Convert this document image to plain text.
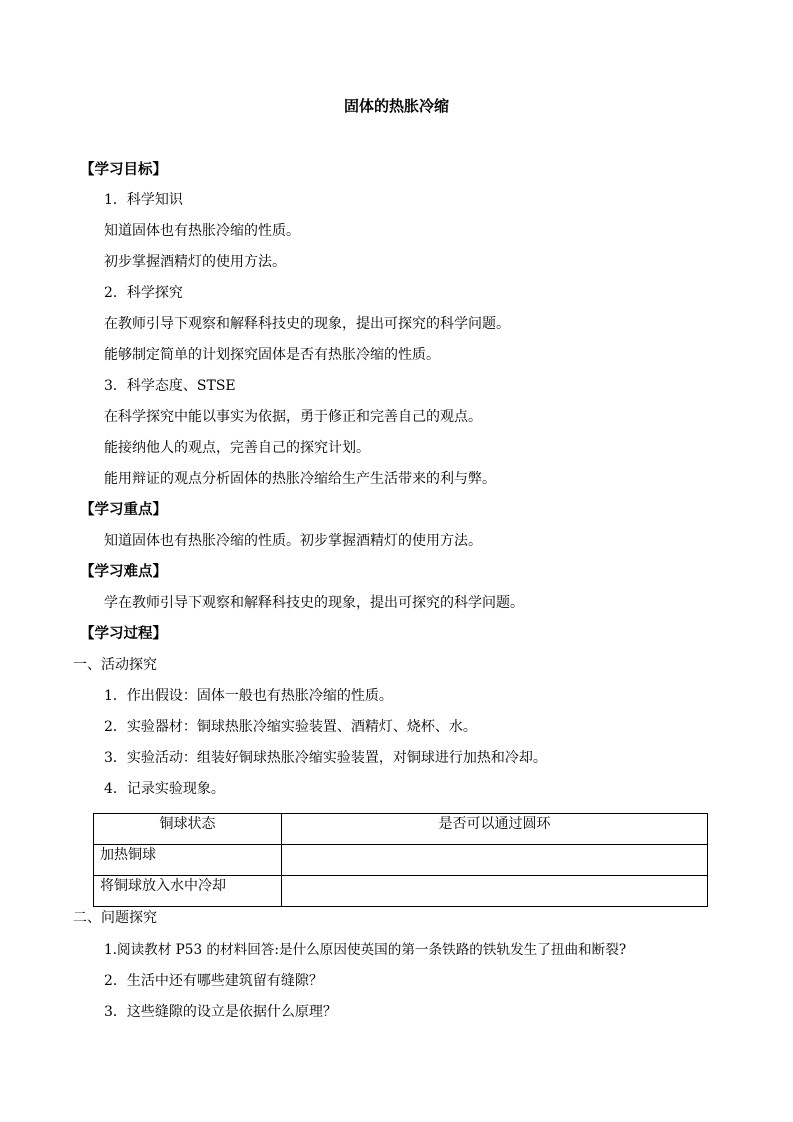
固体的热胀冷缩
【学习目标】
1．科学知识
知道固体也有热胀冷缩的性质。
初步掌握酒精灯的使用方法。
2．科学探究
在教师引导下观察和解释科技史的现象，提出可探究的科学问题。
能够制定简单的计划探究固体是否有热胀冷缩的性质。
3．科学态度、STSE
在科学探究中能以事实为依据，勇于修正和完善自己的观点。
能接纳他人的观点，完善自己的探究计划。
能用辩证的观点分析固体的热胀冷缩给生产生活带来的利与弊。
【学习重点】
知道固体也有热胀冷缩的性质。初步掌握酒精灯的使用方法。
【学习难点】
学在教师引导下观察和解释科技史的现象，提出可探究的科学问题。
【学习过程】
一、活动探究
1．作出假设：固体一般也有热胀冷缩的性质。
2．实验器材：铜球热胀冷缩实验装置、酒精灯、烧杯、水。
3．实验活动：组装好铜球热胀冷缩实验装置，对铜球进行加热和冷却。
4．记录实验现象。
铜球状态	是否可以通过圆环
加热铜球	
将铜球放入水中冷却	
二、问题探究
1.阅读教材 P53 的材料回答:是什么原因使英国的第一条铁路的铁轨发生了扭曲和断裂?
2．生活中还有哪些建筑留有缝隙？
3．这些缝隙的设立是依据什么原理？
